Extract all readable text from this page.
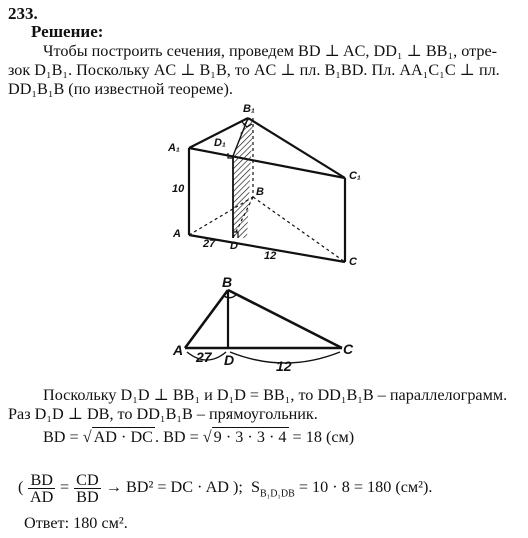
233.
Решение:
Чтобы построить сечения, проведем BD ⊥ AC, DD₁ ⊥ BB₁, отре-
зок D₁B₁. Поскольку AC ⊥ B₁B, то AC ⊥ пл. B₁BD. Пл. AA₁C₁C ⊥ пл.
DD₁B₁B (по известной теореме).
B₁
A₁	D₁
C₁
B
A
D
C
10
27
12
B
A
D
C
27
12
Поскольку D₁D ⊥ BB₁ и D₁D = BB₁, то DD₁B₁B – параллелограмм.
Раз D₁D ⊥ DB, то DD₁B₁B – прямоугольник.
BD = √ AD · DC . BD = √ 9 · 3 · 3 · 4 = 18 (см)
( $\frac{BD}{AD} = \frac{CD}{BD} \to BD^2$ = DC · AD ); $S_{B_1D_1DB} = 10 \cdot 8 = 180$ (см²).
Ответ: 180 см².
